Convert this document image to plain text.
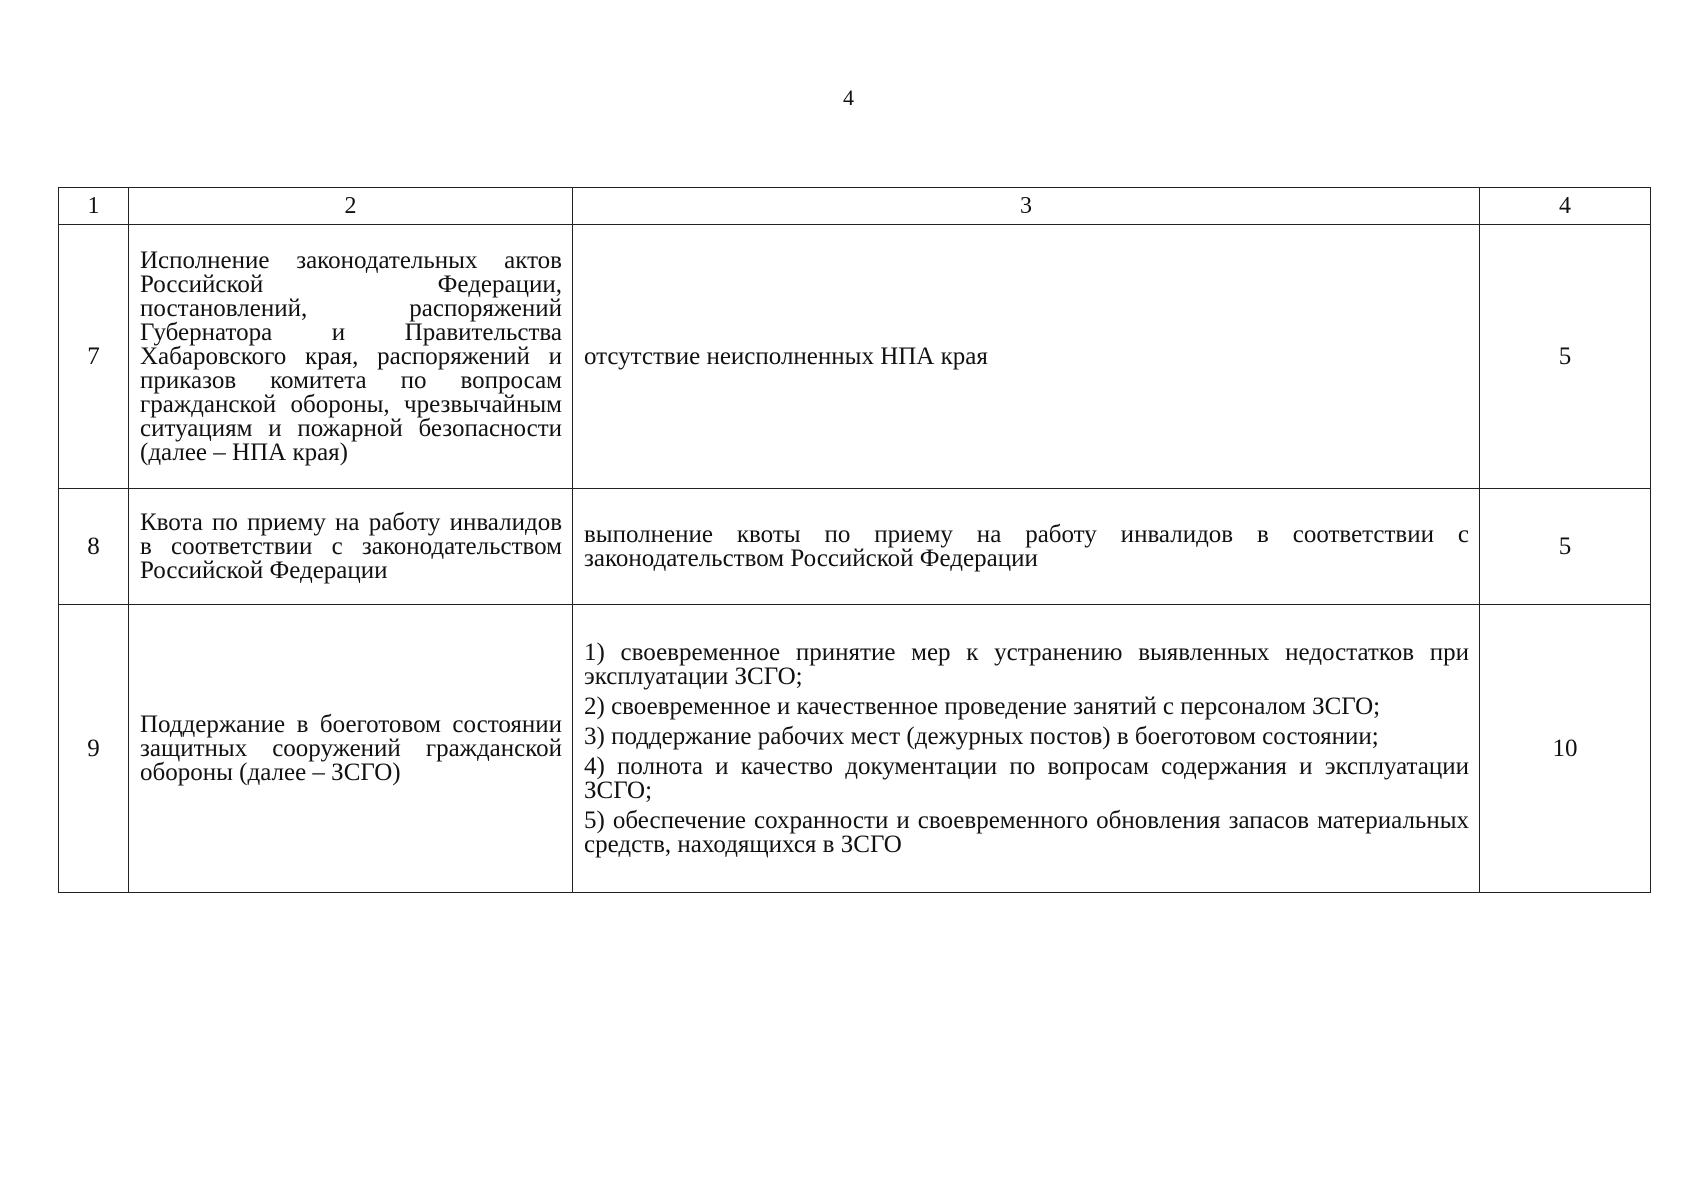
4
1	2	3	4
7	Исполнение законодательных актов Российской Федерации, постановлений, распоряжений Губернатора и Правительства Хабаровского края, распоряжений и приказов комитета по вопросам гражданской обороны, чрезвычайным ситуациям и пожарной безопасности (далее – НПА края)	отсутствие неисполненных НПА края	5
8	Квота по приему на работу инвалидов в соответствии с законодательством Российской Федерации	выполнение квоты по приему на работу инвалидов в соответствии с законодательством Российской Федерации	5
9	Поддержание в боеготовом состоянии защитных сооружений гражданской обороны (далее – ЗСГО)	1) своевременное принятие мер к устранению выявленных недостатков при эксплуатации ЗСГО;
2) своевременное и качественное проведение занятий с персоналом ЗСГО;
3) поддержание рабочих мест (дежурных постов) в боеготовом состоянии;
4) полнота и качество документации по вопросам содержания и эксплуатации ЗСГО;
5) обеспечение сохранности и своевременного обновления запасов материальных средств, находящихся в ЗСГО	10
